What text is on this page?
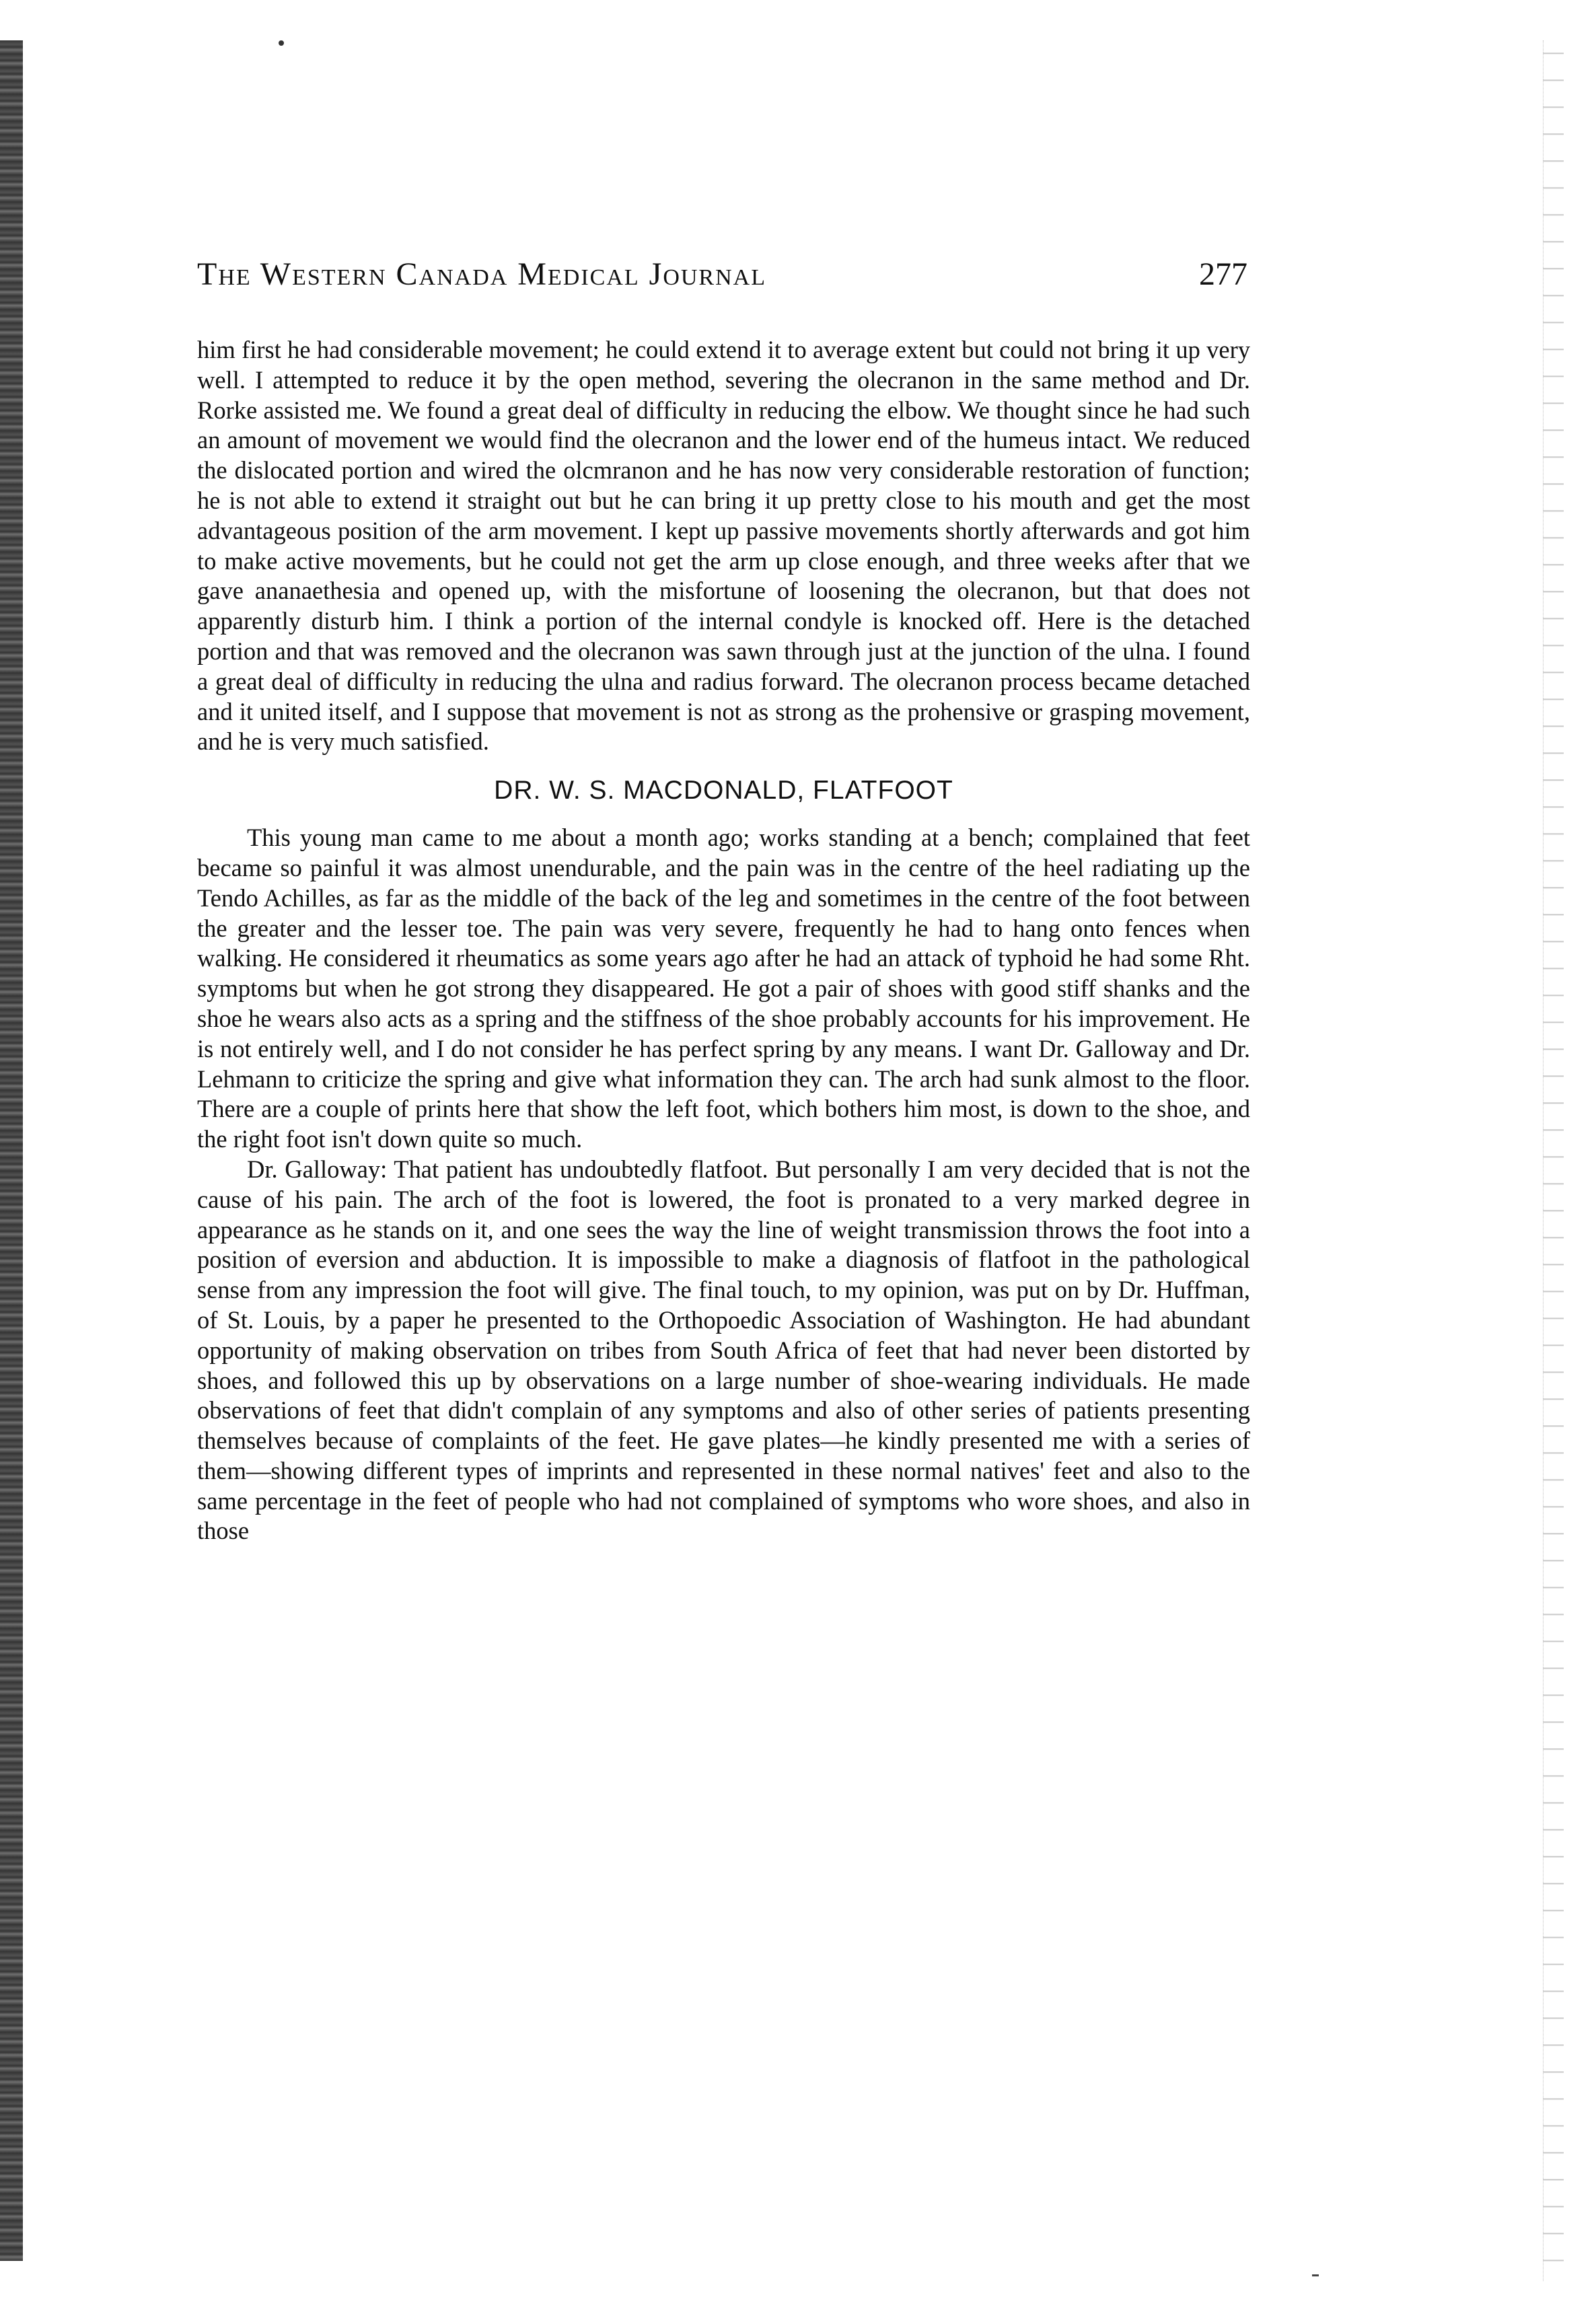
The Western Canada Medical Journal	277

him first he had considerable movement; he could extend it to average extent but could not bring it up very well. I attempted to reduce it by the open method, severing the olecranon in the same method and Dr. Rorke assisted me. We found a great deal of difficulty in reducing the elbow. We thought since he had such an amount of movement we would find the olecranon and the lower end of the humeus intact. We reduced the dislocated portion and wired the olcmranon and he has now very considerable restoration of function; he is not able to extend it straight out but he can bring it up pretty close to his mouth and get the most advantageous position of the arm movement. I kept up passive movements shortly afterwards and got him to make active movements, but he could not get the arm up close enough, and three weeks after that we gave ananaethesia and opened up, with the misfortune of loosening the olecranon, but that does not apparently disturb him. I think a portion of the internal condyle is knocked off. Here is the detached portion and that was removed and the olecranon was sawn through just at the junction of the ulna. I found a great deal of difficulty in reducing the ulna and radius forward. The olecranon process became detached and it united itself, and I suppose that movement is not as strong as the prohensive or grasping movement, and he is very much satisfied.

DR. W. S. MACDONALD, FLATFOOT

This young man came to me about a month ago; works standing at a bench; complained that feet became so painful it was almost unendurable, and the pain was in the centre of the heel radiating up the Tendo Achilles, as far as the middle of the back of the leg and sometimes in the centre of the foot between the greater and the lesser toe. The pain was very severe, frequently he had to hang onto fences when walking. He considered it rheumatics as some years ago after he had an attack of typhoid he had some Rht. symptoms but when he got strong they disappeared. He got a pair of shoes with good stiff shanks and the shoe he wears also acts as a spring and the stiffness of the shoe probably accounts for his improvement. He is not entirely well, and I do not consider he has perfect spring by any means. I want Dr. Galloway and Dr. Lehmann to criticize the spring and give what information they can. The arch had sunk almost to the floor. There are a couple of prints here that show the left foot, which bothers him most, is down to the shoe, and the right foot isn't down quite so much.

Dr. Galloway: That patient has undoubtedly flatfoot. But personally I am very decided that is not the cause of his pain. The arch of the foot is lowered, the foot is pronated to a very marked degree in appearance as he stands on it, and one sees the way the line of weight transmission throws the foot into a position of eversion and abduction. It is impossible to make a diagnosis of flatfoot in the pathological sense from any impression the foot will give. The final touch, to my opinion, was put on by Dr. Huffman, of St. Louis, by a paper he presented to the Orthopoedic Association of Washington. He had abundant opportunity of making observation on tribes from South Africa of feet that had never been distorted by shoes, and followed this up by observations on a large number of shoe-wearing individuals. He made observations of feet that didn't complain of any symptoms and also of other series of patients presenting themselves because of complaints of the feet. He gave plates—he kindly presented me with a series of them—showing different types of imprints and represented in these normal natives' feet and also to the same percentage in the feet of people who had not complained of symptoms who wore shoes, and also in those
